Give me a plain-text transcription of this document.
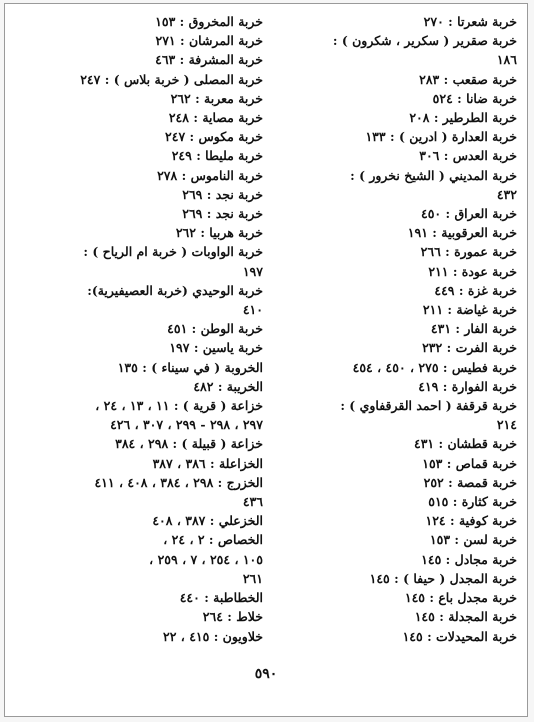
خربة شعرتا : ٢٧٠
خربة صقرير ( سكرير ، شكرون ) :
١٨٦
خربة صقعب : ٢٨٣
خربة ضانا : ٥٢٤
خربة الطرطير : ٢٠٨
خربة العدارة ( ادرين ) : ١٣٣
خربة العدس : ٣٠٦
خربة المديني ( الشيخ نخرور ) :
٤٣٢
خربة العراق : ٤٥٠
خربة العرقوبية : ١٩١
خربة عمورة : ٢٦٦
خربة عودة : ٢١١
خربة غزة : ٤٤٩
خربة غياضة : ٢١١
خربة الفار : ٤٣١
خربة الفرت : ٢٣٢
خربة فطيس : ٢٧٥ ، ٤٥٠ ، ٤٥٤
خربة الفوارة : ٤١٩
خربة قرقفة ( احمد القرقفاوي ) :
٢١٤
خربة قطشان : ٤٣١
خربة قماص : ١٥٣
خربة قمصة : ٢٥٢
خربة كثارة : ٥١٥
خربة كوفية : ١٢٤
خربة لسن : ١٥٣
خربة مجادل : ١٤٥
خربة المجدل ( حيفا ) : ١٤٥
خربة مجدل باع : ١٤٥
خربة المجدلة : ١٤٥
خربة المحيدلات : ١٤٥
خربة المخروق : ١٥٣
خربة المرشان : ٢٧١
خربة المشرفة : ٤٦٣
خربة المصلى ( خربة بلاس ) : ٢٤٧
خربة معربة : ٢٦٢
خربة مصاية : ٢٤٨
خربة مكوس : ٢٤٧
خربة مليطا : ٢٤٩
خربة الناموس : ٢٧٨
خربة نجد : ٢٦٩
خربة نجد : ٢٦٩
خربة هربيا : ٢٦٢
خربة الواوبات ( خربة ام الرياح ) :
١٩٧
خربة الوحيدي (خربة العصيفيرية):
٤١٠
خربة الوطن : ٤٥١
خربة ياسين : ١٩٧
الخروبة ( في سيناء ) : ١٣٥
الخريبة : ٤٨٢
خزاعة ( قرية ) : ١١ ، ١٣ ، ٢٤ ،
٢٩٧ ، ٢٩٨ - ٢٩٩ ، ٣٠٧ ، ٤٢٦
خزاعة ( قبيلة ) : ٢٩٨ ، ٣٨٤
الخزاعلة : ٣٨٦ ، ٣٨٧
الخزرج : ٢٩٨ ، ٣٨٤ ، ٤٠٨ ، ٤١١
٤٣٦
الخزعلي : ٣٨٧ ، ٤٠٨
الخصاص : ٢ ، ٢٤ ،
١٠٥ ، ٢٥٤ ، ٧ ، ٢٥٩ ،
٢٦١
الخطاطبة : ٤٤٠
خلاط : ٢٦٤
خلاويون : ٤١٥ ، ٢٢
٥٩٠
